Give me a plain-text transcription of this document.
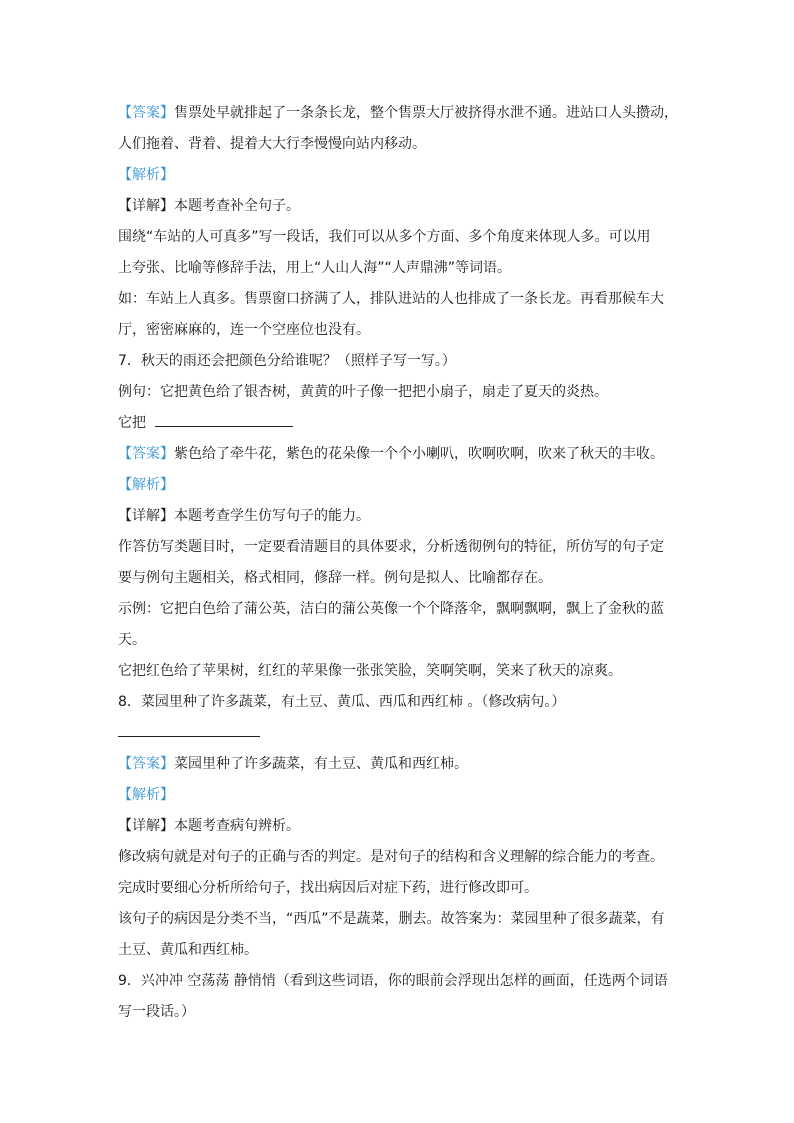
【答案】售票处早就排起了一条条长龙，整个售票大厅被挤得水泄不通。进站口人头攒动，
人们拖着、背着、提着大大行李慢慢向站内移动。
【解析】
【详解】本题考查补全句子。
围绕“车站的人可真多”写一段话，我们可以从多个方面、多个角度来体现人多。可以用
上夸张、比喻等修辞手法，用上“人山人海”“人声鼎沸”等词语。
如：车站上人真多。售票窗口挤满了人，排队进站的人也排成了一条长龙。再看那候车大
厅，密密麻麻的，连一个空座位也没有。
7．秋天的雨还会把颜色分给谁呢？（照样子写一写。）
例句：它把黄色给了银杏树，黄黄的叶子像一把把小扇子，扇走了夏天的炎热。
它把
【答案】紫色给了牵牛花，紫色的花朵像一个个小喇叭，吹啊吹啊，吹来了秋天的丰收。
【解析】
【详解】本题考查学生仿写句子的能力。
作答仿写类题目时，一定要看清题目的具体要求，分析透彻例句的特征，所仿写的句子定
要与例句主题相关，格式相同，修辞一样。例句是拟人、比喻都存在。
示例：它把白色给了蒲公英，洁白的蒲公英像一个个降落伞，飘啊飘啊，飘上了金秋的蓝
天。
它把红色给了苹果树，红红的苹果像一张张笑脸，笑啊笑啊，笑来了秋天的凉爽。
8．菜园里种了许多蔬菜，有土豆、黄瓜、西瓜和西红柿 。（修改病句。）
【答案】菜园里种了许多蔬菜，有土豆、黄瓜和西红柿。
【解析】
【详解】本题考查病句辨析。
修改病句就是对句子的正确与否的判定。是对句子的结构和含义理解的综合能力的考查。
完成时要细心分析所给句子，找出病因后对症下药，进行修改即可。
该句子的病因是分类不当，“西瓜”不是蔬菜，删去。故答案为：菜园里种了很多蔬菜，有
土豆、黄瓜和西红柿。
9．兴冲冲 空荡荡 静悄悄（看到这些词语，你的眼前会浮现出怎样的画面，任选两个词语
写一段话。）
